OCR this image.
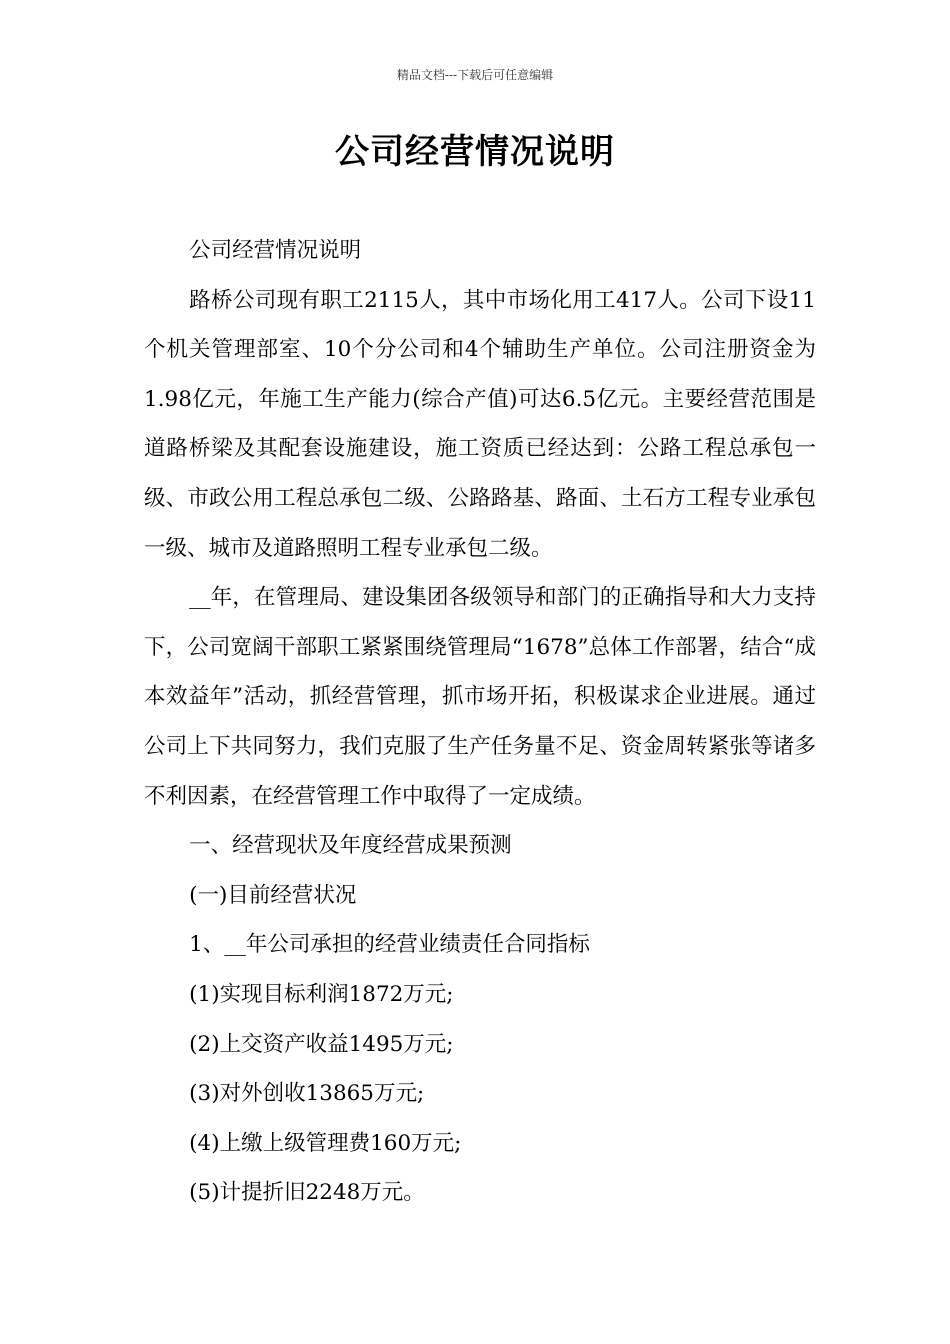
精品文档---下载后可任意编辑
公司经营情况说明

公司经营情况说明

路桥公司现有职工2115人，其中市场化用工417人。公司下设11个机关管理部室、10个分公司和4个辅助生产单位。公司注册资金为1.98亿元，年施工生产能力(综合产值)可达6.5亿元。主要经营范围是道路桥梁及其配套设施建设，施工资质已经达到：公路工程总承包一级、市政公用工程总承包二级、公路路基、路面、土石方工程专业承包一级、城市及道路照明工程专业承包二级。

__年，在管理局、建设集团各级领导和部门的正确指导和大力支持下，公司宽阔干部职工紧紧围绕管理局“1678”总体工作部署，结合“成本效益年”活动，抓经营管理，抓市场开拓，积极谋求企业进展。通过公司上下共同努力，我们克服了生产任务量不足、资金周转紧张等诸多不利因素，在经营管理工作中取得了一定成绩。

一、经营现状及年度经营成果预测

(一)目前经营状况

1、__年公司承担的经营业绩责任合同指标

(1)实现目标利润1872万元;

(2)上交资产收益1495万元;

(3)对外创收13865万元;

(4)上缴上级管理费160万元;

(5)计提折旧2248万元。
